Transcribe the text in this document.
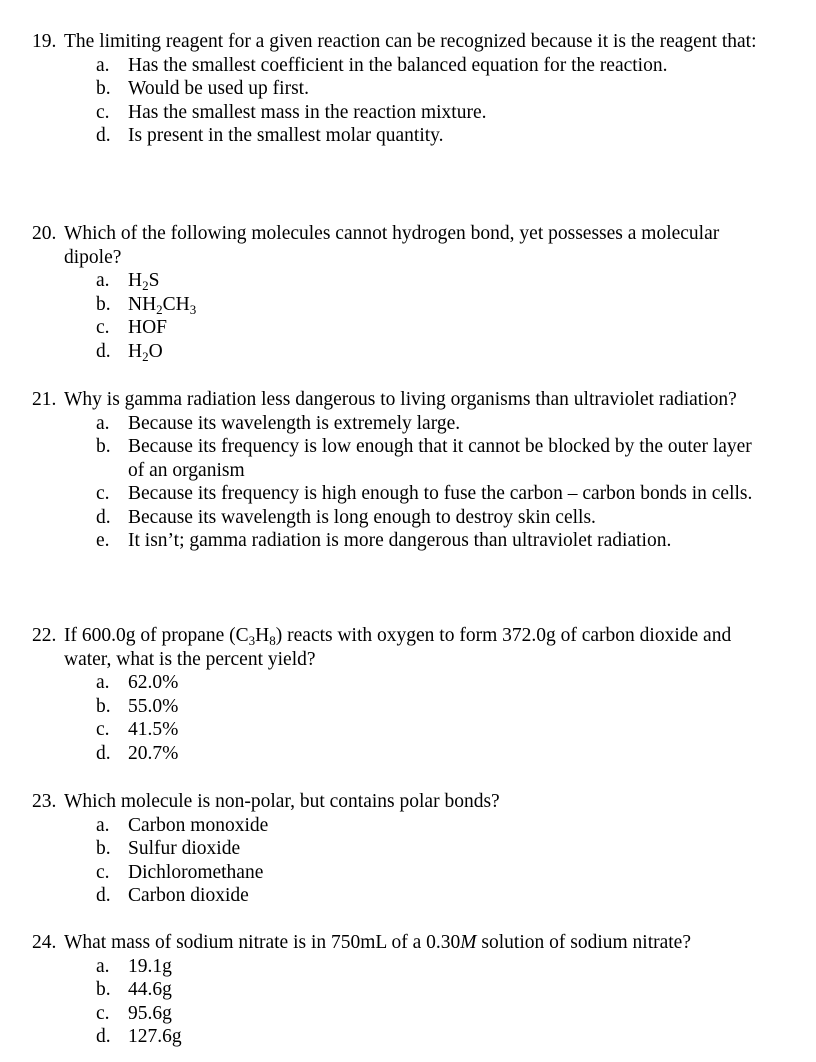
19. The limiting reagent for a given reaction can be recognized because it is the reagent that:
a. Has the smallest coefficient in the balanced equation for the reaction.
b. Would be used up first.
c. Has the smallest mass in the reaction mixture.
d. Is present in the smallest molar quantity.
20. Which of the following molecules cannot hydrogen bond, yet possesses a molecular dipole?
a. $H_2S$
b. $NH_2CH_3$
c. HOF
d. $H_2O$
21. Why is gamma radiation less dangerous to living organisms than ultraviolet radiation?
a. Because its wavelength is extremely large.
b. Because its frequency is low enough that it cannot be blocked by the outer layer of an organism
c. Because its frequency is high enough to fuse the carbon – carbon bonds in cells.
d. Because its wavelength is long enough to destroy skin cells.
e. It isn’t; gamma radiation is more dangerous than ultraviolet radiation.
22. If 600.0g of propane $(C_3H_8)$ reacts with oxygen to form 372.0g of carbon dioxide and water, what is the percent yield?
a. 62.0%
b. 55.0%
c. 41.5%
d. 20.7%
23. Which molecule is non-polar, but contains polar bonds?
a. Carbon monoxide
b. Sulfur dioxide
c. Dichloromethane
d. Carbon dioxide
24. What mass of sodium nitrate is in 750mL of a 0.30M solution of sodium nitrate?
a. 19.1g
b. 44.6g
c. 95.6g
d. 127.6g
